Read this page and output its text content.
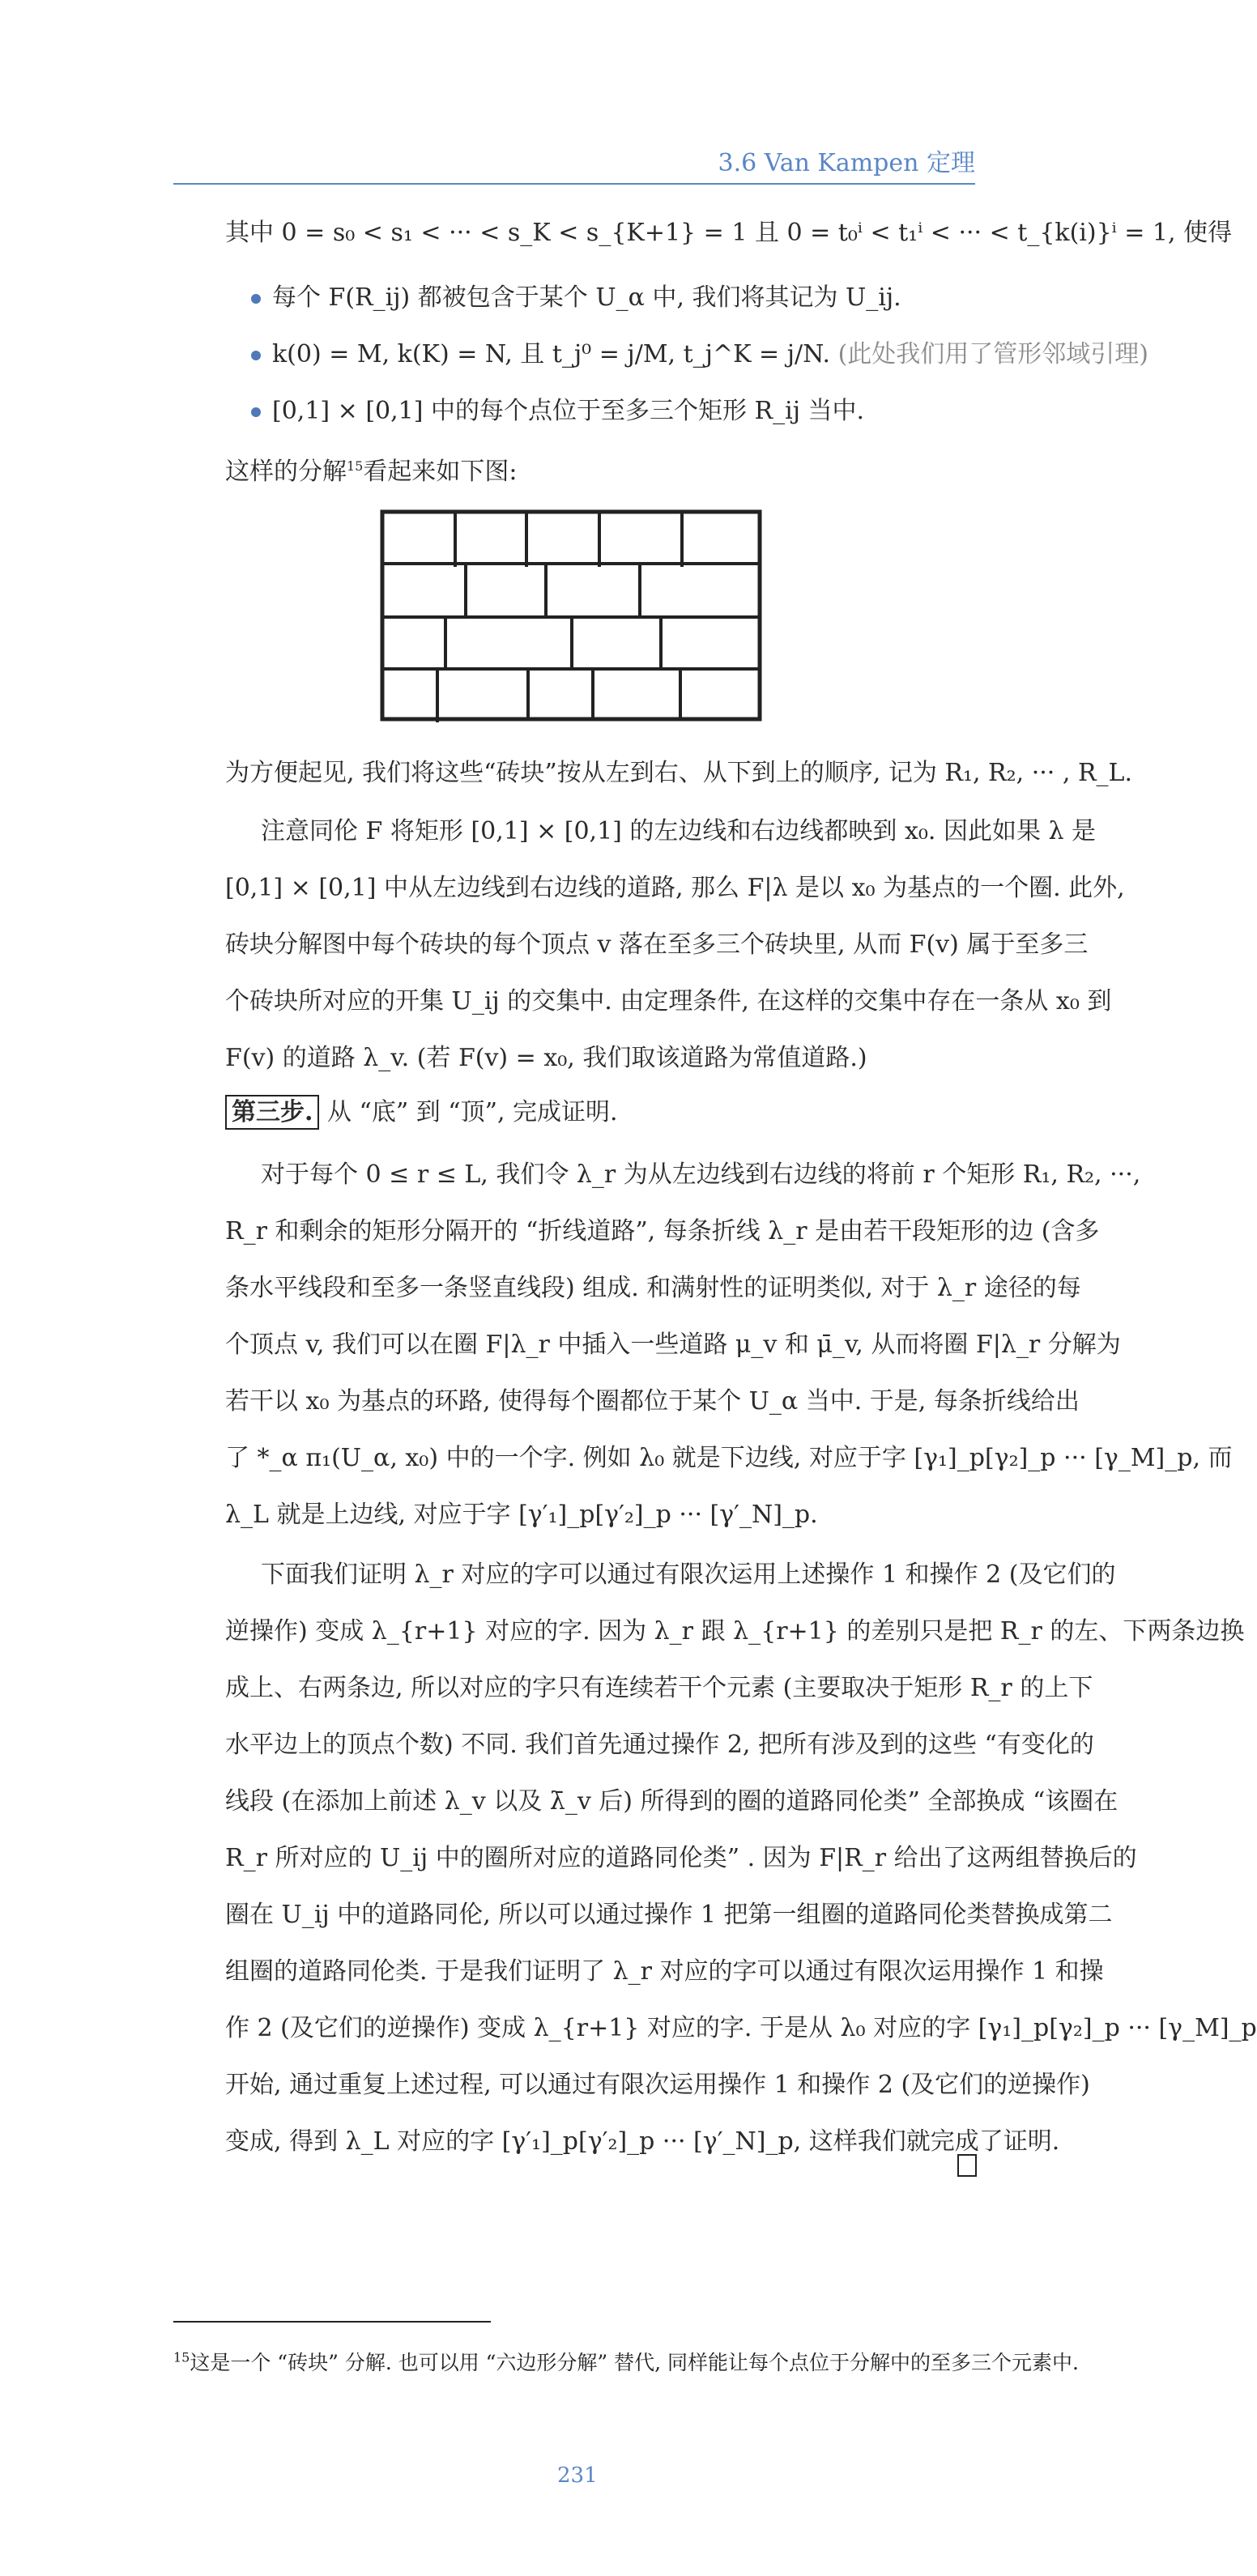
3.6 Van Kampen 定理
其中 0 = s₀ < s₁ < ··· < s_K < s_{K+1} = 1 且 0 = t₀ⁱ < t₁ⁱ < ··· < t_{k(i)}ⁱ = 1, 使得
每个 F(R_ij) 都被包含于某个 U_α 中, 我们将其记为 U_ij.
k(0) = M, k(K) = N, 且 t_j⁰ = j/M, t_j^K = j/N. (此处我们用了管形邻域引理)
[0,1] × [0,1] 中的每个点位于至多三个矩形 R_ij 当中.
这样的分解$^{15}$看起来如下图:
为方便起见, 我们将这些“砖块”按从左到右、从下到上的顺序, 记为 R₁, R₂, ··· , R_L.
注意同伦 F 将矩形 [0,1] × [0,1] 的左边线和右边线都映到 x₀. 因此如果 λ 是
[0,1] × [0,1] 中从左边线到右边线的道路, 那么 F|λ 是以 x₀ 为基点的一个圈. 此外,
砖块分解图中每个砖块的每个顶点 v 落在至多三个砖块里, 从而 F(v) 属于至多三
个砖块所对应的开集 U_ij 的交集中. 由定理条件, 在这样的交集中存在一条从 x₀ 到
F(v) 的道路 λ_v. (若 F(v) = x₀, 我们取该道路为常值道路.)
第三步. 从 “底” 到 “顶”, 完成证明.
对于每个 0 ≤ r ≤ L, 我们令 λ_r 为从左边线到右边线的将前 r 个矩形 R₁, R₂, ···,
R_r 和剩余的矩形分隔开的 “折线道路”, 每条折线 λ_r 是由若干段矩形的边 (含多
条水平线段和至多一条竖直线段) 组成. 和满射性的证明类似, 对于 λ_r 途径的每
个顶点 v, 我们可以在圈 F|λ_r 中插入一些道路 μ_v 和 μ̄_v, 从而将圈 F|λ_r 分解为
若干以 x₀ 为基点的环路, 使得每个圈都位于某个 U_α 当中. 于是, 每条折线给出
了 *_α π₁(U_α, x₀) 中的一个字. 例如 λ₀ 就是下边线, 对应于字 [γ₁]_p[γ₂]_p ··· [γ_M]_p, 而
λ_L 就是上边线, 对应于字 [γ′₁]_p[γ′₂]_p ··· [γ′_N]_p.
下面我们证明 λ_r 对应的字可以通过有限次运用上述操作 1 和操作 2 (及它们的
逆操作) 变成 λ_{r+1} 对应的字. 因为 λ_r 跟 λ_{r+1} 的差别只是把 R_r 的左、下两条边换
成上、右两条边, 所以对应的字只有连续若干个元素 (主要取决于矩形 R_r 的上下
水平边上的顶点个数) 不同. 我们首先通过操作 2, 把所有涉及到的这些 “有变化的
线段 (在添加上前述 λ_v 以及 λ̄_v 后) 所得到的圈的道路同伦类” 全部换成 “该圈在
R_r 所对应的 U_ij 中的圈所对应的道路同伦类” . 因为 F|R_r 给出了这两组替换后的
圈在 U_ij 中的道路同伦, 所以可以通过操作 1 把第一组圈的道路同伦类替换成第二
组圈的道路同伦类. 于是我们证明了 λ_r 对应的字可以通过有限次运用操作 1 和操
作 2 (及它们的逆操作) 变成 λ_{r+1} 对应的字. 于是从 λ₀ 对应的字 [γ₁]_p[γ₂]_p ··· [γ_M]_p
开始, 通过重复上述过程, 可以通过有限次运用操作 1 和操作 2 (及它们的逆操作)
变成, 得到 λ_L 对应的字 [γ′₁]_p[γ′₂]_p ··· [γ′_N]_p, 这样我们就完成了证明.
$^{15}$这是一个 “砖块” 分解. 也可以用 “六边形分解” 替代, 同样能让每个点位于分解中的至多三个元素中.
231
